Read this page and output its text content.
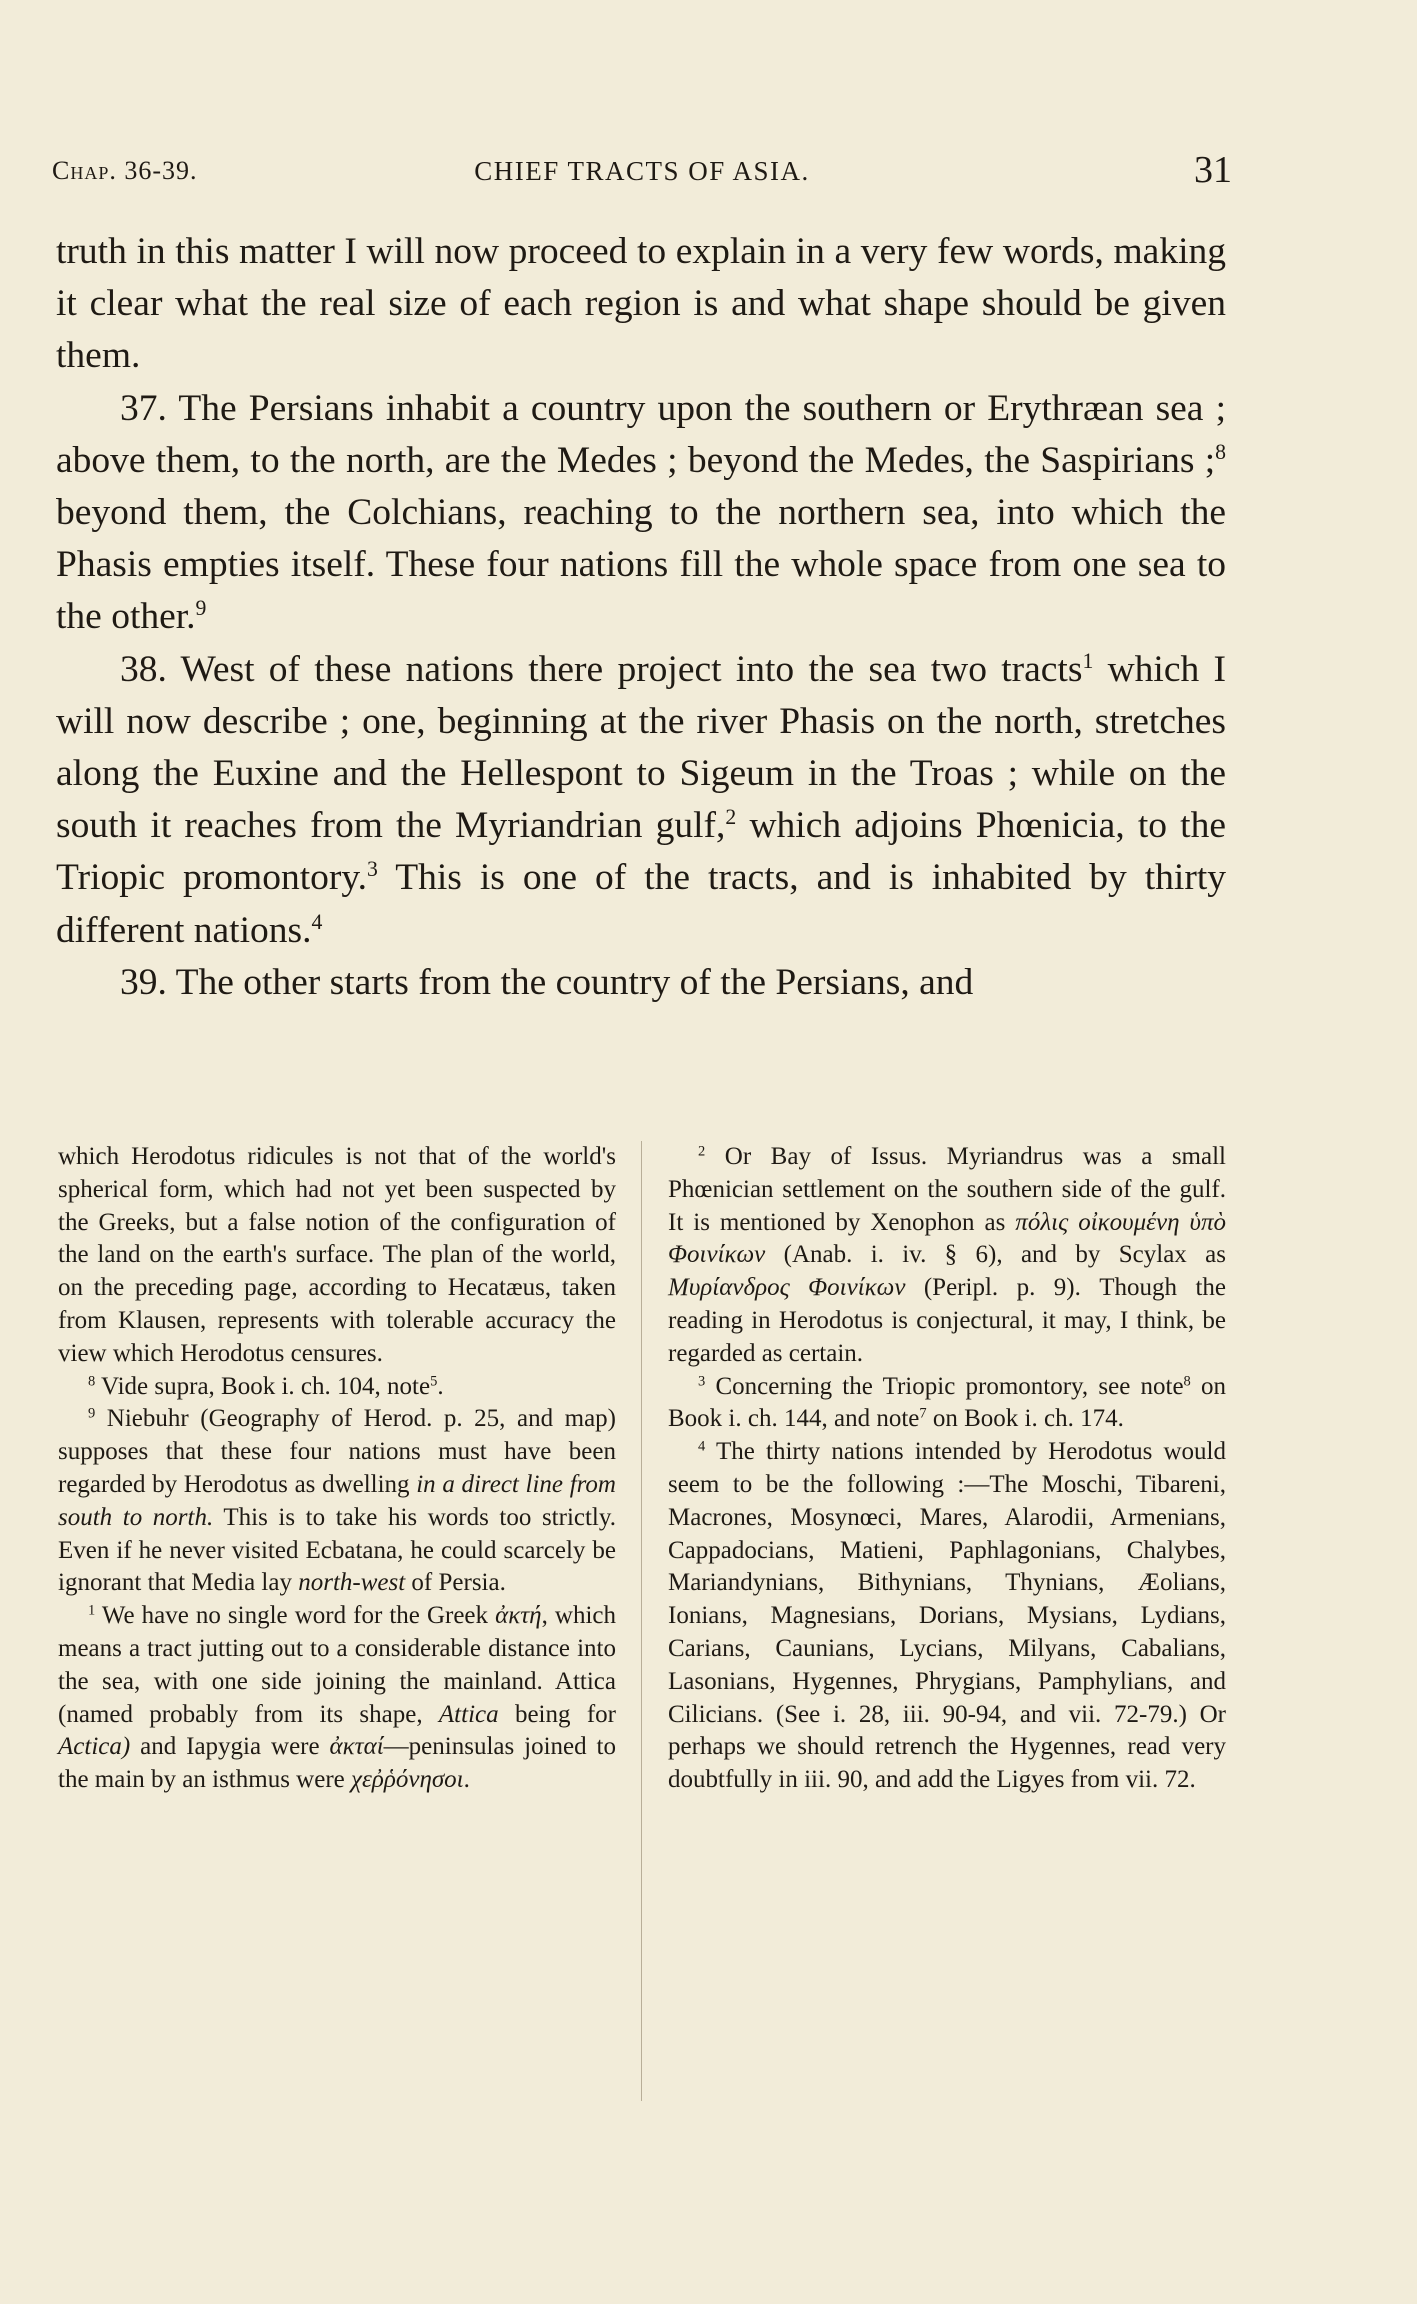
Chap. 36-39.	CHIEF TRACTS OF ASIA.	31

truth in this matter I will now proceed to explain in a very few words, making it clear what the real size of each region is and what shape should be given them.

37. The Persians inhabit a country upon the southern or Erythræan sea ; above them, to the north, are the Medes ; beyond the Medes, the Saspirians ;$^8$ beyond them, the Colchians, reaching to the northern sea, into which the Phasis empties itself. These four nations fill the whole space from one sea to the other.$^9$

38. West of these nations there project into the sea two tracts$^1$ which I will now describe ; one, beginning at the river Phasis on the north, stretches along the Euxine and the Hellespont to Sigeum in the Troas ; while on the south it reaches from the Myriandrian gulf,$^2$ which adjoins Phœnicia, to the Triopic promontory.$^3$ This is one of the tracts, and is inhabited by thirty different nations.$^4$

39. The other starts from the country of the Persians, and

which Herodotus ridicules is not that of the world's spherical form, which had not yet been suspected by the Greeks, but a false notion of the configuration of the land on the earth's surface. The plan of the world, on the preceding page, according to Hecatæus, taken from Klausen, represents with tolerable accuracy the view which Herodotus censures.

$^8$ Vide supra, Book i. ch. 104, note$^5$.

$^9$ Niebuhr (Geography of Herod. p. 25, and map) supposes that these four nations must have been regarded by Herodotus as dwelling in a direct line from south to north. This is to take his words too strictly. Even if he never visited Ecbatana, he could scarcely be ignorant that Media lay north-west of Persia.

$^1$ We have no single word for the Greek ἀκτή, which means a tract jutting out to a considerable distance into the sea, with one side joining the mainland. Attica (named probably from its shape, Attica being for Actica) and Iapygia were ἀκταί—peninsulas joined to the main by an isthmus were χεῤῥόνησοι.

$^2$ Or Bay of Issus. Myriandrus was a small Phœnician settlement on the southern side of the gulf. It is mentioned by Xenophon as πόλις οἰκουμένη ὑπὸ Φοινίκων (Anab. i. iv. § 6), and by Scylax as Μυρίανδρος Φοινίκων (Peripl. p. 9). Though the reading in Herodotus is conjectural, it may, I think, be regarded as certain.

$^3$ Concerning the Triopic promontory, see note$^8$ on Book i. ch. 144, and note$^7$ on Book i. ch. 174.

$^4$ The thirty nations intended by Herodotus would seem to be the following :—The Moschi, Tibareni, Macrones, Mosynœci, Mares, Alarodii, Armenians, Cappadocians, Matieni, Paphlagonians, Chalybes, Mariandynians, Bithynians, Thynians, Æolians, Ionians, Magnesians, Dorians, Mysians, Lydians, Carians, Caunians, Lycians, Milyans, Cabalians, Lasonians, Hygennes, Phrygians, Pamphylians, and Cilicians. (See i. 28, iii. 90-94, and vii. 72-79.) Or perhaps we should retrench the Hygennes, read very doubtfully in iii. 90, and add the Ligyes from vii. 72.
